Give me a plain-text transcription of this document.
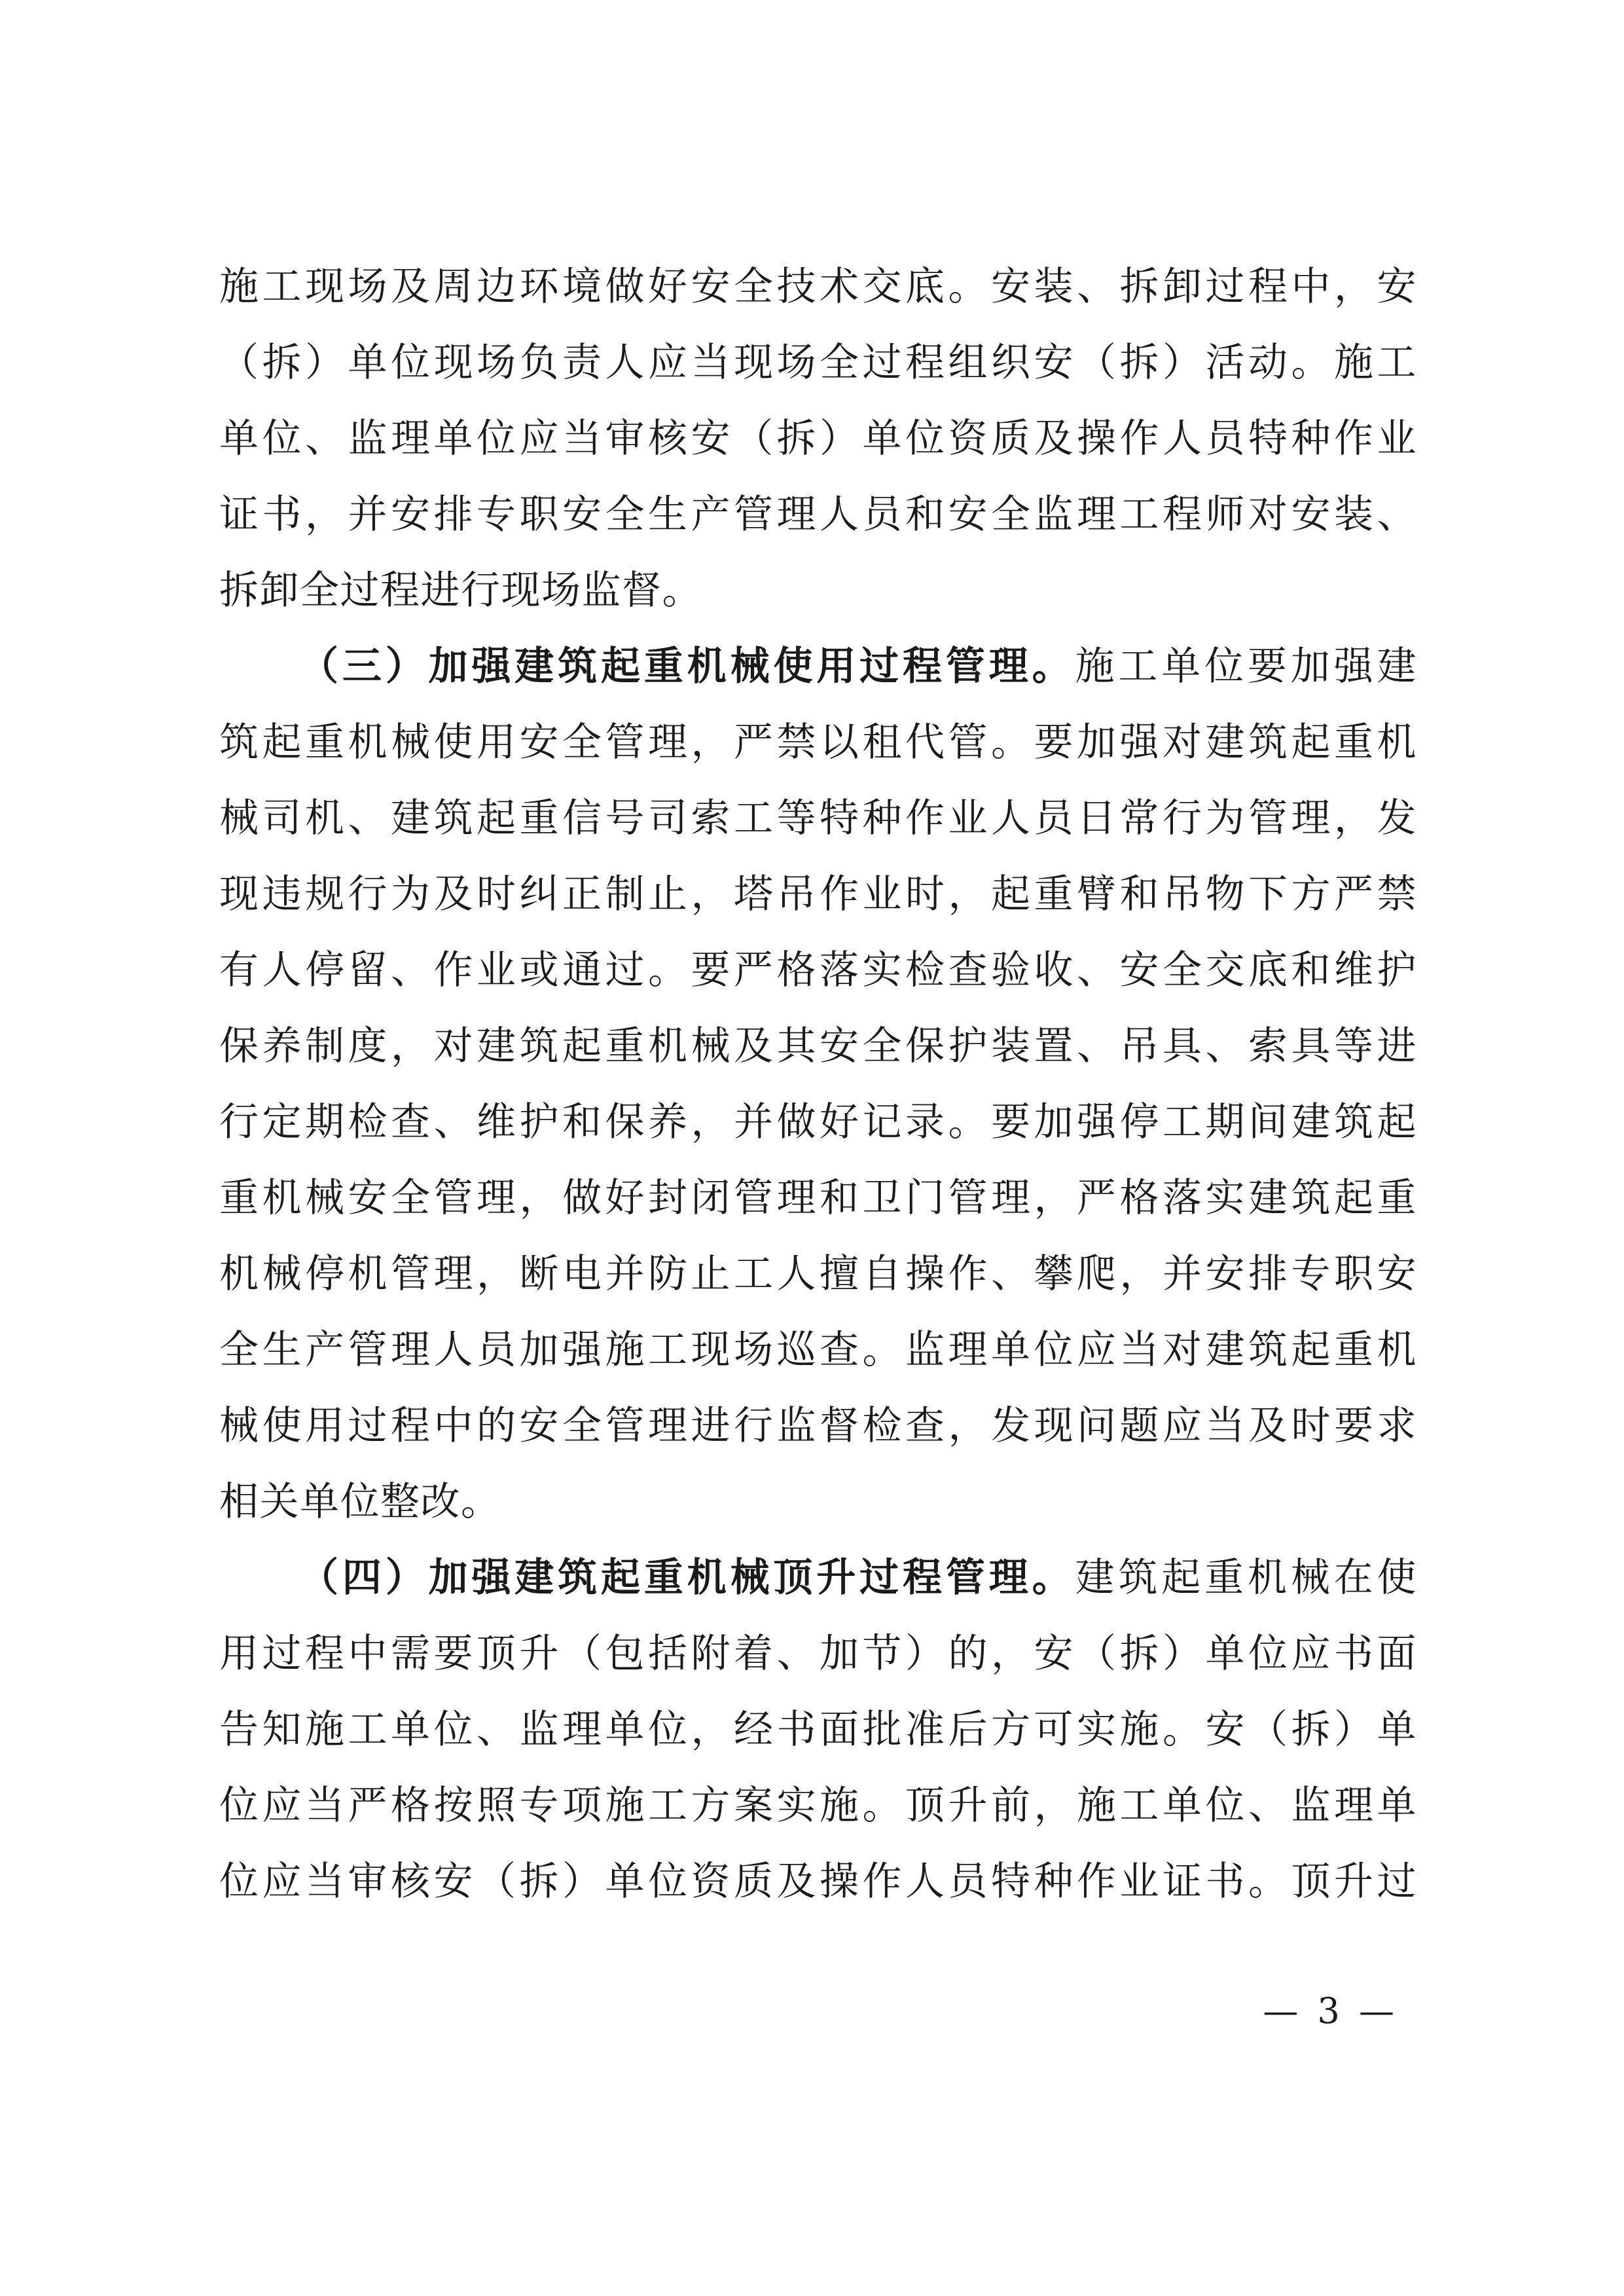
施工现场及周边环境做好安全技术交底。安装、拆卸过程中，安
（拆）单位现场负责人应当现场全过程组织安（拆）活动。施工
单位、监理单位应当审核安（拆）单位资质及操作人员特种作业
证书，并安排专职安全生产管理人员和安全监理工程师对安装、
拆卸全过程进行现场监督。
（三）加强建筑起重机械使用过程管理。施工单位要加强建
筑起重机械使用安全管理，严禁以租代管。要加强对建筑起重机
械司机、建筑起重信号司索工等特种作业人员日常行为管理，发
现违规行为及时纠正制止，塔吊作业时，起重臂和吊物下方严禁
有人停留、作业或通过。要严格落实检查验收、安全交底和维护
保养制度，对建筑起重机械及其安全保护装置、吊具、索具等进
行定期检查、维护和保养，并做好记录。要加强停工期间建筑起
重机械安全管理，做好封闭管理和卫门管理，严格落实建筑起重
机械停机管理，断电并防止工人擅自操作、攀爬，并安排专职安
全生产管理人员加强施工现场巡查。监理单位应当对建筑起重机
械使用过程中的安全管理进行监督检查，发现问题应当及时要求
相关单位整改。
（四）加强建筑起重机械顶升过程管理。建筑起重机械在使
用过程中需要顶升（包括附着、加节）的，安（拆）单位应书面
告知施工单位、监理单位，经书面批准后方可实施。安（拆）单
位应当严格按照专项施工方案实施。顶升前，施工单位、监理单
位应当审核安（拆）单位资质及操作人员特种作业证书。顶升过
— 3 —
